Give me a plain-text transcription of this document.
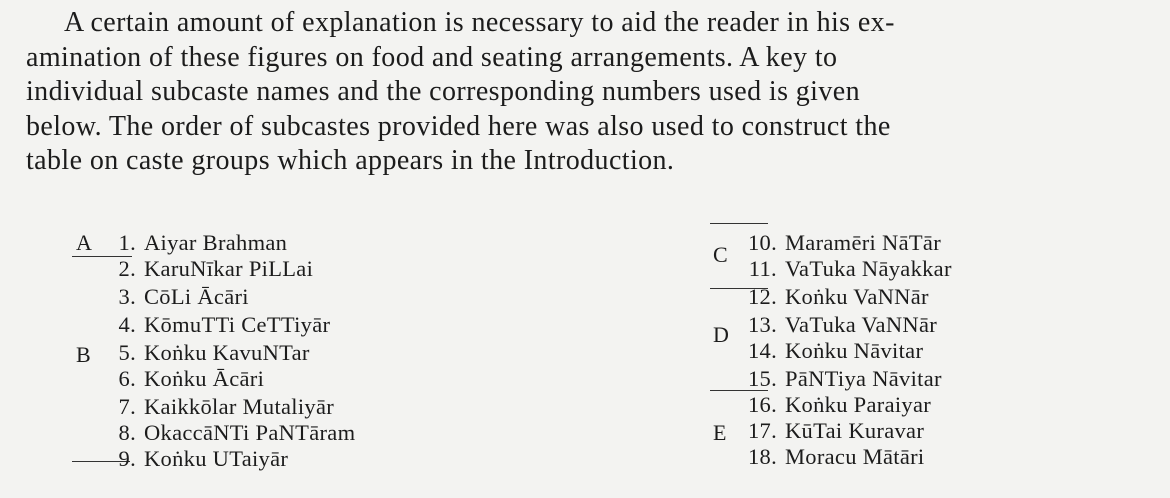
A certain amount of explanation is necessary to aid the reader in his ex-
amination of these figures on food and seating arrangements. A key to
individual subcaste names and the corresponding numbers used is given
below. The order of subcastes provided here was also used to construct the
table on caste groups which appears in the Introduction.
A
B
1. Aiyar Brahman
2. KaruNīkar PiLLai
3. CōLi Ācāri
4. KōmuTTi CeTTiyār
5. Koṅku KavuNTar
6. Koṅku Ācāri
7. Kaikkōlar Mutaliyār
8. OkaccāNTi PaNTāram
9. Koṅku UTaiyār
C
D
E
10. Maramēri NāTār
11. VaTuka Nāyakkar
12. Koṅku VaNNār
13. VaTuka VaNNār
14. Koṅku Nāvitar
15. PāNTiya Nāvitar
16. Koṅku Paraiyar
17. KūTai Kuravar
18. Moracu Mātāri
